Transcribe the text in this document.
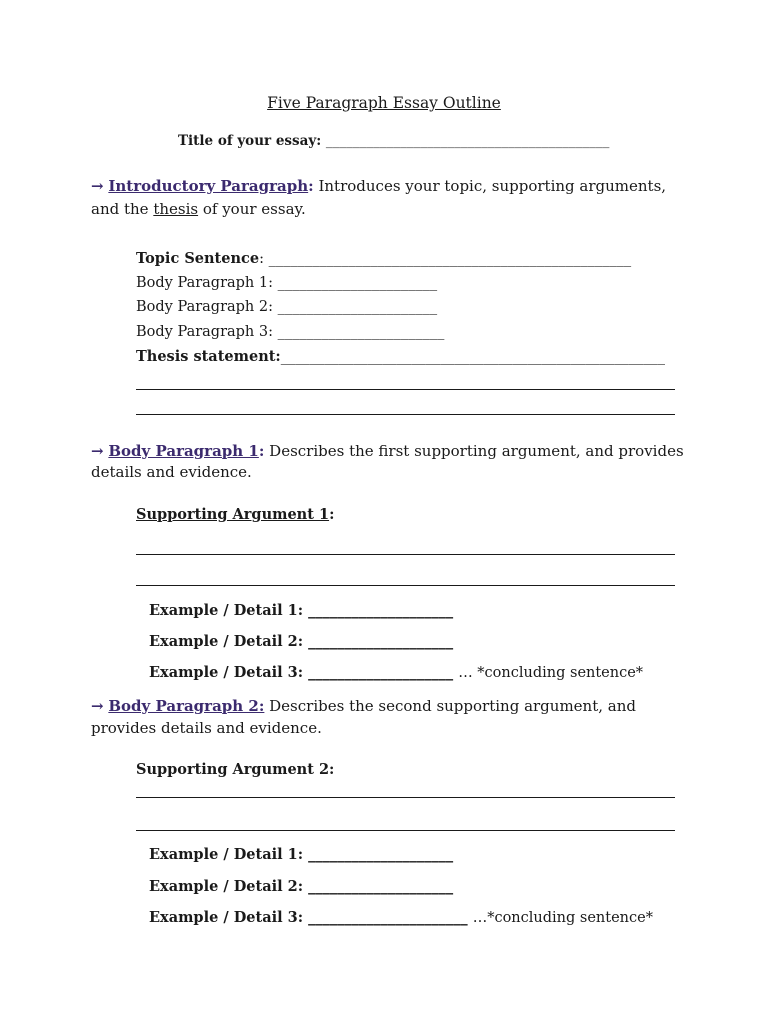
Five Paragraph Essay Outline
Title of your essay: __________________________________________
→ Introductory Paragraph: Introduces your topic, supporting arguments, and the thesis of your essay.
Topic Sentence: __________________________________________________
Body Paragraph 1: ______________________
Body Paragraph 2: ______________________
Body Paragraph 3: _______________________
Thesis statement:_____________________________________________________
→ Body Paragraph 1: Describes the first supporting argument, and provides details and evidence.
Supporting Argument 1:
Example / Detail 1: ____________________
Example / Detail 2: ____________________
Example / Detail 3: ____________________ … *concluding sentence*
→ Body Paragraph 2: Describes the second supporting argument, and provides details and evidence.
Supporting Argument 2:
Example / Detail 1: ____________________
Example / Detail 2: ____________________
Example / Detail 3: ______________________ …*concluding sentence*
